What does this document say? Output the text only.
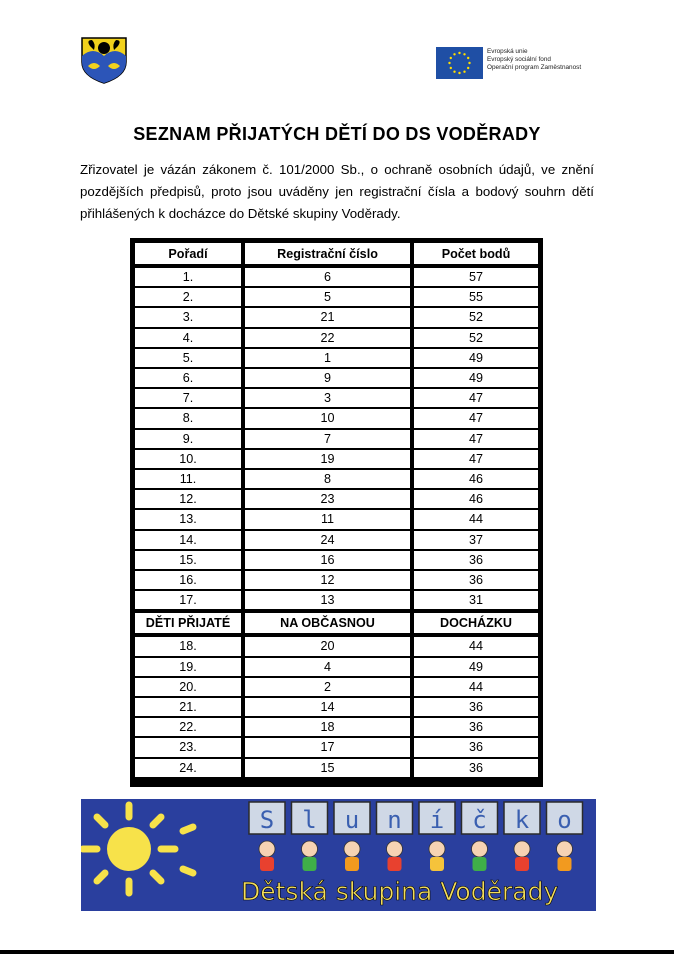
Evropská unie
Evropský sociální fond
Operační program Zaměstnanost
SEZNAM PŘIJATÝCH DĚTÍ DO DS VODĚRADY
Zřizovatel je vázán zákonem č. 101/2000 Sb., o ochraně osobních údajů, ve znění pozdějších předpisů, proto jsou uváděny jen registrační čísla a bodový souhrn dětí přihlášených k docházce do Dětské skupiny Voděrady.
Pořadí	Registrační číslo	Počet bodů
1.	6	57
2.	5	55
3.	21	52
4.	22	52
5.	1	49
6.	9	49
7.	3	47
8.	10	47
9.	7	47
10.	19	47
11.	8	46
12.	23	46
13.	11	44
14.	24	37
15.	16	36
16.	12	36
17.	13	31
DĚTI PŘIJATÉ	NA OBČASNOU	DOCHÁZKU
18.	20	44
19.	4	49
20.	2	44
21.	14	36
22.	18	36
23.	17	36
24.	15	36
S l u n í č k o
Dětská skupina Voděrady
